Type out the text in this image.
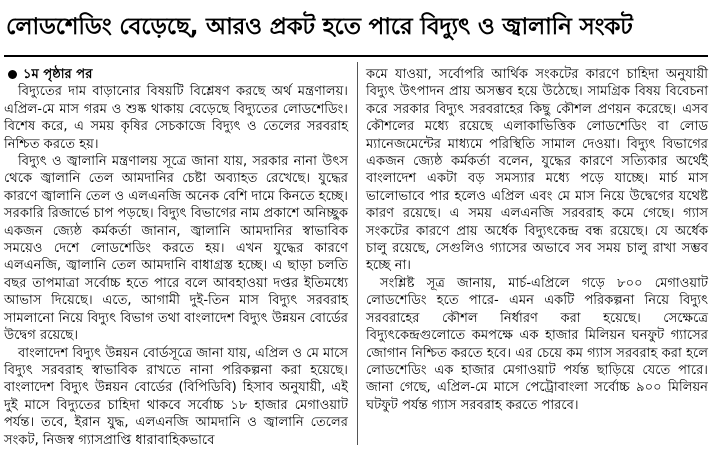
লোডশেডিং বেড়েছে, আরও প্রকট হতে পারে বিদ্যুৎ ও জ্বালানি সংকট
১ম পৃষ্ঠার পর

বিদ্যুতের দাম বাড়ানোর বিষয়টি বিশ্লেষণ করছে অর্থ মন্ত্রণালয়। এপ্রিল-মে মাস গরম ও শুষ্ক থাকায় বেড়েছে বিদ্যুতের লোডশেডিং। বিশেষ করে, এ সময় কৃষির সেচকাজে বিদ্যুৎ ও তেলের সরবরাহ নিশ্চিত করতে হয়।

বিদ্যুৎ ও জ্বালানি মন্ত্রণালয় সূত্রে জানা যায়, সরকার নানা উৎস থেকে জ্বালানি তেল আমদানির চেষ্টা অব্যাহত রেখেছে। যুদ্ধের কারণে জ্বালানি তেল ও এলএনজি অনেক বেশি দামে কিনতে হচ্ছে। সরকারি রিজার্ভে চাপ পড়ছে। বিদ্যুৎ বিভাগের নাম প্রকাশে অনিচ্ছুক একজন জ্যেষ্ঠ কর্মকর্তা জানান, জ্বালানি আমদানির স্বাভাবিক সময়েও দেশে লোডশেডিং করতে হয়। এখন যুদ্ধের কারণে এলএনজি, জ্বালানি তেল আমদানি বাধাগ্রস্ত হচ্ছে। এ ছাড়া চলতি বছর তাপমাত্রা সর্বোচ্চ হতে পারে বলে আবহাওয়া দপ্তর ইতিমধ্যে আভাস দিয়েছে। এতে, আগামী দুই-তিন মাস বিদ্যুৎ সরবরাহ সামলানো নিয়ে বিদ্যুৎ বিভাগ তথা বাংলাদেশ বিদ্যুৎ উন্নয়ন বোর্ডের উদ্বেগ রয়েছে।

বাংলাদেশ বিদ্যুৎ উন্নয়ন বোর্ডসূত্রে জানা যায়, এপ্রিল ও মে মাসে বিদ্যুৎ সরবরাহ স্বাভাবিক রাখতে নানা পরিকল্পনা করা হয়েছে। বাংলাদেশ বিদ্যুৎ উন্নয়ন বোর্ডের (বিপিডিবি) হিসাব অনুযায়ী, এই দুই মাসে বিদ্যুতের চাহিদা থাকবে সর্বোচ্চ ১৮ হাজার মেগাওয়াট পর্যন্ত। তবে, ইরান যুদ্ধ, এলএনজি আমদানি ও জ্বালানি তেলের সংকট, নিজস্ব গ্যাসপ্রাপ্তি ধারাবাহিকভাবে

কমে যাওয়া, সর্বোপরি আর্থিক সংকটের কারণে চাহিদা অনুযায়ী বিদ্যুৎ উৎপাদন প্রায় অসম্ভব হয়ে উঠেছে। সামগ্রিক বিষয় বিবেচনা করে সরকার বিদ্যুৎ সরবরাহের কিছু কৌশল প্রণয়ন করেছে। এসব কৌশলের মধ্যে রয়েছে এলাকাভিত্তিক লোডশেডিং বা লোড ম্যানেজমেন্টের মাধ্যমে পরিস্থিতি সামাল দেওয়া। বিদ্যুৎ বিভাগের একজন জ্যেষ্ঠ কর্মকর্তা বলেন, যুদ্ধের কারণে সত্যিকার অর্থেই বাংলাদেশ একটা বড় সমস্যার মধ্যে পড়ে যাচ্ছে। মার্চ মাস ভালোভাবে পার হলেও এপ্রিল এবং মে মাস নিয়ে উদ্বেগের যথেষ্ট কারণ রয়েছে। এ সময় এলএনজি সরবরাহ কমে গেছে। গ্যাস সংকটের কারণে প্রায় অর্ধেক বিদ্যুৎকেন্দ্র বন্ধ রয়েছে। যে অর্ধেক চালু রয়েছে, সেগুলিও গ্যাসের অভাবে সব সময় চালু রাখা সম্ভব হচ্ছে না।

সংশ্লিষ্ট সূত্র জানায়, মার্চ-এপ্রিলে গড়ে ৮০০ মেগাওয়াট লোডশেডিং হতে পারে- এমন একটি পরিকল্পনা নিয়ে বিদ্যুৎ সরবরাহের কৌশল নির্ধারণ করা হয়েছে। সেক্ষেত্রে বিদ্যুৎকেন্দ্রগুলোতে কমপক্ষে এক হাজার মিলিয়ন ঘনফুট গ্যাসের জোগান নিশ্চিত করতে হবে। এর চেয়ে কম গ্যাস সরবরাহ করা হলে লোডশেডিং এক হাজার মেগাওয়াট পর্যন্ত ছাড়িয়ে যেতে পারে। জানা গেছে, এপ্রিল-মে মাসে পেট্রোবাংলা সর্বোচ্চ ৯০০ মিলিয়ন ঘটফুট পর্যন্ত গ্যাস সরবরাহ করতে পারবে।
